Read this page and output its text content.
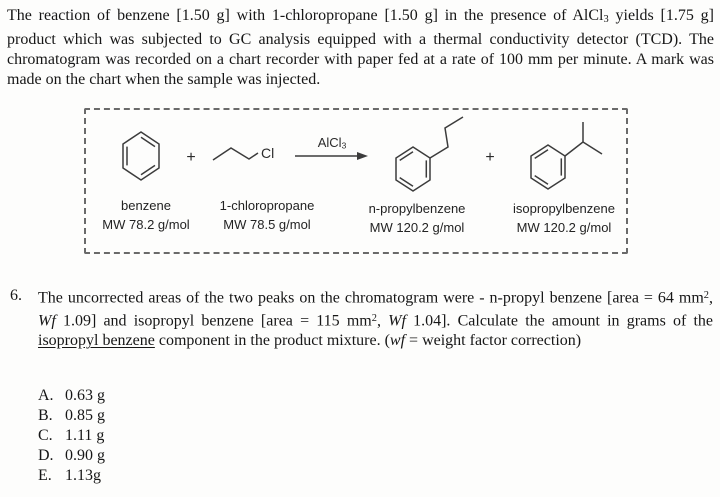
The reaction of benzene [1.50 g] with 1-chloropropane [1.50 g] in the presence of AlCl$_3$ yields [1.75 g] product which was subjected to GC analysis equipped with a thermal conductivity detector (TCD). The chromatogram was recorded on a chart recorder with paper fed at a rate of 100 mm per minute. A mark was made on the chart when the sample was injected.

+	Cl	+
AlCl$_3$
benzene
MW 78.2 g/mol
1-chloropropane
MW 78.5 g/mol
n-propylbenzene
MW 120.2 g/mol
isopropylbenzene
MW 120.2 g/mol
6.	The uncorrected areas of the two peaks on the chromatogram were - n-propyl benzene [area = 64 $mm^2$, Wf 1.09] and isopropyl benzene [area = 115 $mm^2$, Wf 1.04]. Calculate the amount in grams of the isopropyl benzene component in the product mixture. (wf = weight factor correction)
A. 0.63 g
B. 0.85 g
C. 1.11 g
D. 0.90 g
E. 1.13g
